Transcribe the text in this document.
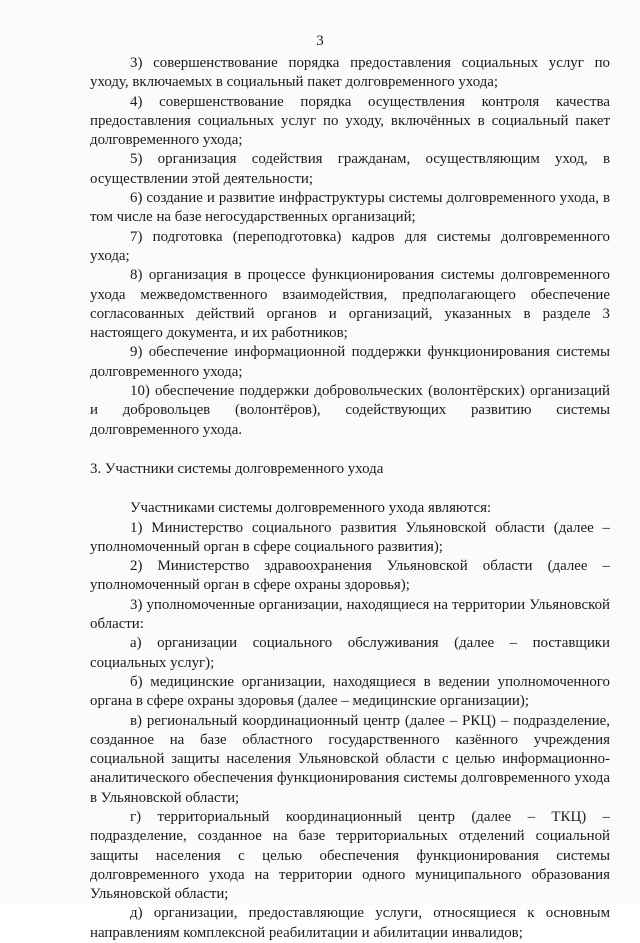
3

3) совершенствование порядка предоставления социальных услуг по уходу, включаемых в социальный пакет долговременного ухода;

4) совершенствование порядка осуществления контроля качества предоставления социальных услуг по уходу, включённых в социальный пакет долговременного ухода;

5) организация содействия гражданам, осуществляющим уход, в осуществлении этой деятельности;

6) создание и развитие инфраструктуры системы долговременного ухода, в том числе на базе негосударственных организаций;

7) подготовка (переподготовка) кадров для системы долговременного ухода;

8) организация в процессе функционирования системы долговременного ухода межведомственного взаимодействия, предполагающего обеспечение согласованных действий органов и организаций, указанных в разделе 3 настоящего документа, и их работников;

9) обеспечение информационной поддержки функционирования системы долговременного ухода;

10) обеспечение поддержки добровольческих (волонтёрских) организаций и добровольцев (волонтёров), содействующих развитию системы долговременного ухода.

3. Участники системы долговременного ухода

Участниками системы долговременного ухода являются:

1) Министерство социального развития Ульяновской области (далее – уполномоченный орган в сфере социального развития);

2) Министерство здравоохранения Ульяновской области (далее – уполномоченный орган в сфере охраны здоровья);

3) уполномоченные организации, находящиеся на территории Ульяновской области:

а) организации социального обслуживания (далее – поставщики социальных услуг);

б) медицинские организации, находящиеся в ведении уполномоченного органа в сфере охраны здоровья (далее – медицинские организации);

в) региональный координационный центр (далее – РКЦ) – подразделение, созданное на базе областного государственного казённого учреждения социальной защиты населения Ульяновской области с целью информационно-аналитического обеспечения функционирования системы долговременного ухода в Ульяновской области;

г) территориальный координационный центр (далее – ТКЦ) – подразделение, созданное на базе территориальных отделений социальной защиты населения с целью обеспечения функционирования системы долговременного ухода на территории одного муниципального образования Ульяновской области;

д) организации, предоставляющие услуги, относящиеся к основным направлениям комплексной реабилитации и абилитации инвалидов;
